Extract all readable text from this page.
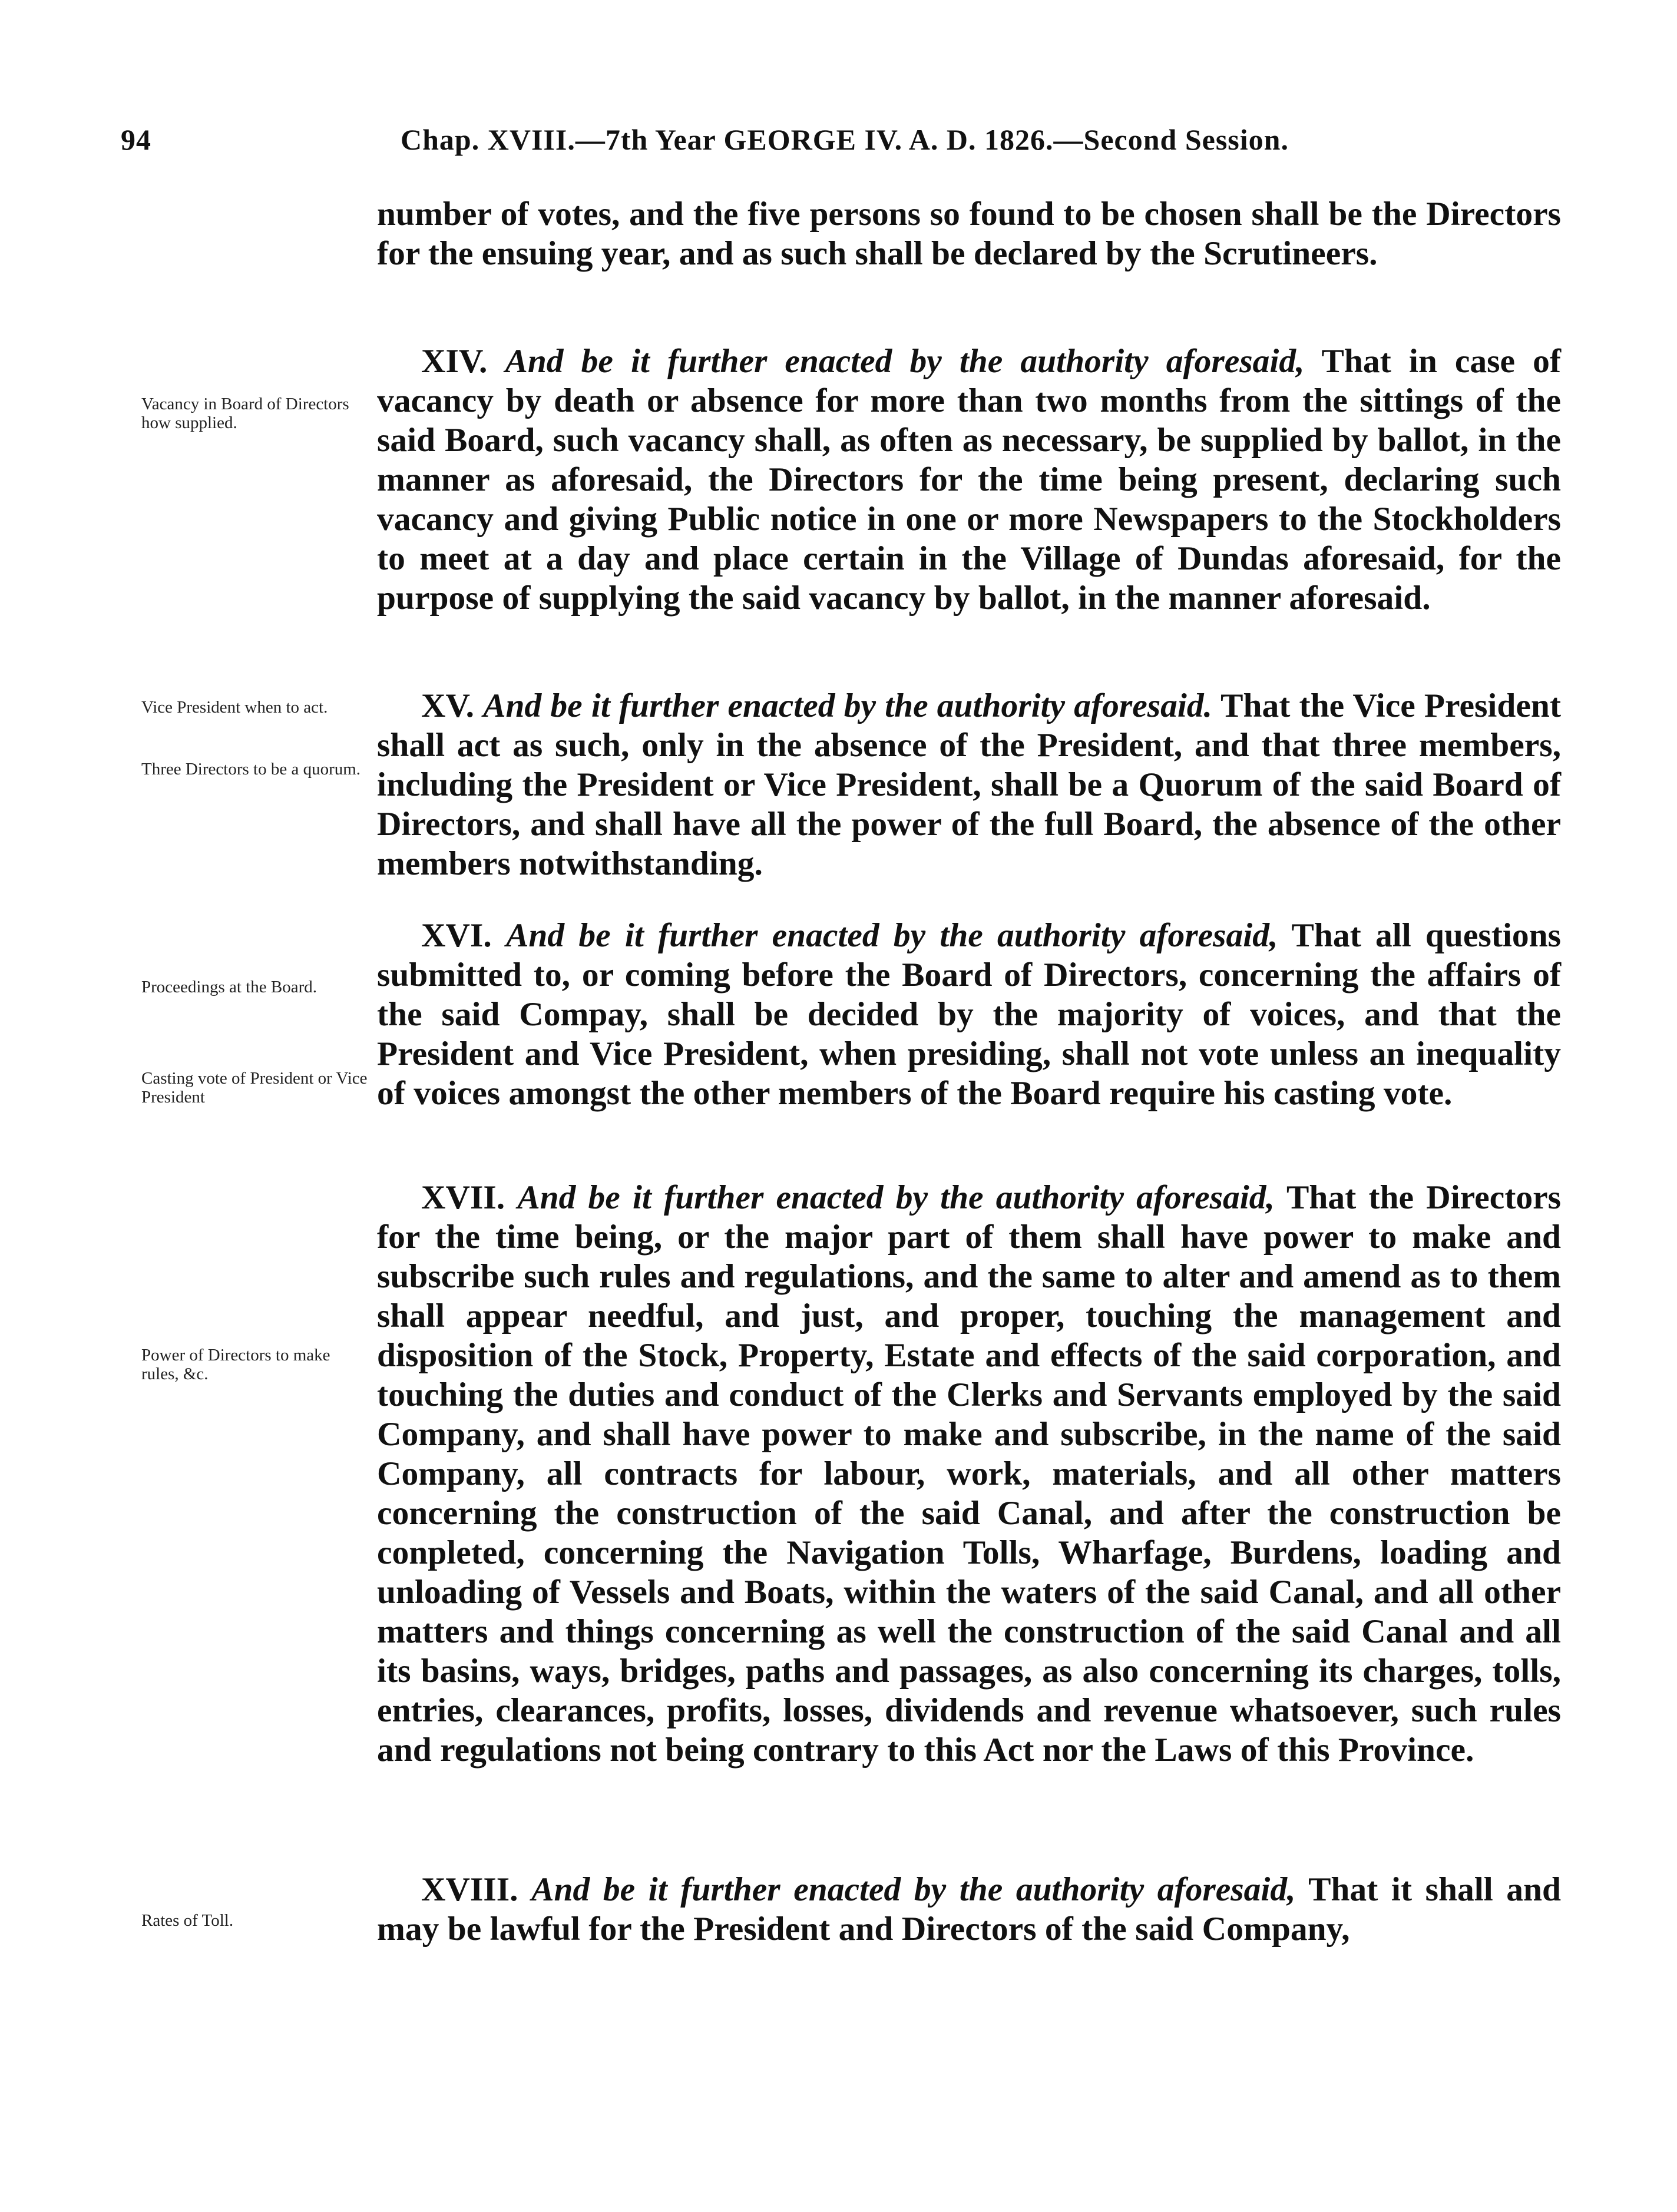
94	Chap. XVIII.—7th Year GEORGE IV. A. D. 1826.—Second Session.
number of votes, and the five persons so found to be chosen shall be the Directors for the ensuing year, and as such shall be declared by the Scrutineers.
XIV. And be it further enacted by the authority aforesaid, That in case of vacancy by death or absence for more than two months from the sittings of the said Board, such vacancy shall, as often as necessary, be supplied by ballot, in the manner as aforesaid, the Directors for the time being present, declaring such vacancy and giving Public notice in one or more Newspapers to the Stockholders to meet at a day and place certain in the Village of Dundas aforesaid, for the purpose of supplying the said vacancy by ballot, in the manner aforesaid.
XV. And be it further enacted by the authority aforesaid. That the Vice President shall act as such, only in the absence of the President, and that three members, including the President or Vice President, shall be a Quorum of the said Board of Directors, and shall have all the power of the full Board, the absence of the other members notwithstanding.
XVI. And be it further enacted by the authority aforesaid, That all questions submitted to, or coming before the Board of Directors, concerning the affairs of the said Compay, shall be decided by the majority of voices, and that the President and Vice President, when presiding, shall not vote unless an inequality of voices amongst the other members of the Board require his casting vote.
XVII. And be it further enacted by the authority aforesaid, That the Directors for the time being, or the major part of them shall have power to make and subscribe such rules and regulations, and the same to alter and amend as to them shall appear needful, and just, and proper, touching the management and disposition of the Stock, Property, Estate and effects of the said corporation, and touching the duties and conduct of the Clerks and Servants employed by the said Company, and shall have power to make and subscribe, in the name of the said Company, all contracts for labour, work, materials, and all other matters concerning the construction of the said Canal, and after the construction be conpleted, concerning the Navigation Tolls, Wharfage, Burdens, loading and unloading of Vessels and Boats, within the waters of the said Canal, and all other matters and things concerning as well the construction of the said Canal and all its basins, ways, bridges, paths and passages, as also concerning its charges, tolls, entries, clearances, profits, losses, dividends and revenue whatsoever, such rules and regulations not being contrary to this Act nor the Laws of this Province.
XVIII. And be it further enacted by the authority aforesaid, That it shall and may be lawful for the President and Directors of the said Company,
Vacancy in Board of Directors how supplied.
Vice President when to act.
Three Directors to be a quorum.
Proceedings at the Board.
Casting vote of President or Vice President
Power of Directors to make rules, &c.
Rates of Toll.
